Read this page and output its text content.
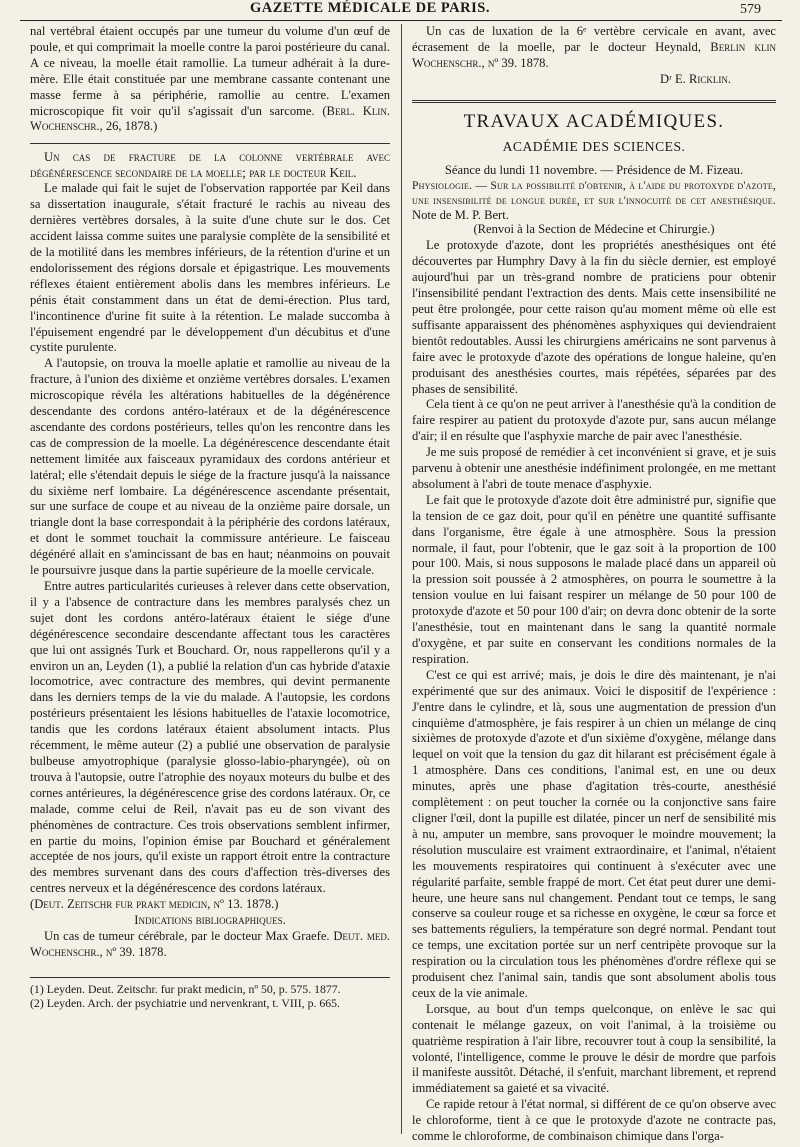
GAZETTE MÉDICALE DE PARIS.	579

nal vertébral étaient occupés par une tumeur du volume d'un œuf de poule, et qui comprimait la moelle contre la paroi postérieure du canal. A ce niveau, la moelle était ramollie. La tumeur adhérait à la dure-mère. Elle était constituée par une membrane cassante contenant une masse ferme à sa périphérie, ramollie au centre. L'examen microscopique fit voir qu'il s'agissait d'un sarcome. (Berl. Klin. Wochenschr., 26, 1878.)

Un cas de fracture de la colonne vertébrale avec dégénérescence secondaire de la moelle; par le docteur Keil.

Le malade qui fait le sujet de l'observation rapportée par Keil dans sa dissertation inaugurale, s'était fracturé le rachis au niveau des dernières vertèbres dorsales, à la suite d'une chute sur le dos. Cet accident laissa comme suites une paralysie complète de la sensibilité et de la motilité dans les membres inférieurs, de la rétention d'urine et un endolorissement des régions dorsale et épigastrique. Les mouvements réflexes étaient entièrement abolis dans les membres inférieurs. Le pénis était constamment dans un état de demi-érection. Plus tard, l'incontinence d'urine fit suite à la rétention. Le malade succomba à l'épuisement engendré par le développement d'un décubitus et d'une cystite purulente.

A l'autopsie, on trouva la moelle aplatie et ramollie au niveau de la fracture, à l'union des dixième et onzième vertèbres dorsales. L'examen microscopique révéla les altérations habituelles de la dégénérence descendante des cordons antéro-latéraux et de la dégénérescence ascendante des cordons postérieurs, telles qu'on les rencontre dans les cas de compression de la moelle. La dégénérescence descendante était nettement limitée aux faisceaux pyramidaux des cordons antérieur et latéral; elle s'étendait depuis le siége de la fracture jusqu'à la naissance du sixième nerf lombaire. La dégénérescence ascendante présentait, sur une surface de coupe et au niveau de la onzième paire dorsale, un triangle dont la base correspondait à la périphérie des cordons latéraux, et dont le sommet touchait la commissure antérieure. Le faisceau dégénéré allait en s'amincissant de bas en haut; néanmoins on pouvait le poursuivre jusque dans la partie supérieure de la moelle cervicale.

Entre autres particularités curieuses à relever dans cette observation, il y a l'absence de contracture dans les membres paralysés chez un sujet dont les cordons antéro-latéraux étaient le siége d'une dégénérescence secondaire descendante affectant tous les caractères que lui ont assignés Turk et Bouchard. Or, nous rappellerons qu'il y a environ un an, Leyden (1), a publié la relation d'un cas hybride d'ataxie locomotrice, avec contracture des membres, qui devint permanente dans les derniers temps de la vie du malade. A l'autopsie, les cordons postérieurs présentaient les lésions habituelles de l'ataxie locomotrice, tandis que les cordons latéraux étaient absolument intacts. Plus récemment, le même auteur (2) a publié une observation de paralysie bulbeuse amyotrophique (paralysie glosso-labio-pharyngée), où on trouva à l'autopsie, outre l'atrophie des noyaux moteurs du bulbe et des cornes antérieures, la dégénérescence grise des cordons latéraux. Or, ce malade, comme celui de Reil, n'avait pas eu de son vivant des phénomènes de contracture. Ces trois observations semblent infirmer, en partie du moins, l'opinion émise par Bouchard et généralement acceptée de nos jours, qu'il existe un rapport étroit entre la contracture des membres survenant dans des cours d'affection très-diverses des centres nerveux et la dégénérescence des cordons latéraux.

(Deut. Zeitschr fur prakt medicin, nº 13. 1878.)

Indications bibliographiques.

Un cas de tumeur cérébrale, par le docteur Max Graefe. Deut. med. Wochenschr., nº 39. 1878.

(1) Leyden. Deut. Zeitschr. fur prakt medicin, nº 50, p. 575. 1877.

(2) Leyden. Arch. der psychiatrie und nervenkrant, t. VIII, p. 665.

Un cas de luxation de la 6ᵉ vertèbre cervicale en avant, avec écrasement de la moelle, par le docteur Heynald, Berlin klin Wochenschr., nº 39. 1878.

Dʳ E. Ricklin.

TRAVAUX ACADÉMIQUES.
ACADÉMIE DES SCIENCES.

Séance du lundi 11 novembre. — Présidence de M. Fizeau.

Physiologie. — Sur la possibilité d'obtenir, à l'aide du protoxyde d'azote, une insensibilité de longue durée, et sur l'innocuité de cet anesthésique. Note de M. P. Bert.

(Renvoi à la Section de Médecine et Chirurgie.)

Le protoxyde d'azote, dont les propriétés anesthésiques ont été découvertes par Humphry Davy à la fin du siècle dernier, est employé aujourd'hui par un très-grand nombre de praticiens pour obtenir l'insensibilité pendant l'extraction des dents. Mais cette insensibilité ne peut être prolongée, pour cette raison qu'au moment même où elle est suffisante apparaissent des phénomènes asphyxiques qui deviendraient bientôt redoutables. Aussi les chirurgiens américains ne sont parvenus à faire avec le protoxyde d'azote des opérations de longue haleine, qu'en produisant des anesthésies courtes, mais répétées, séparées par des phases de sensibilité.

Cela tient à ce qu'on ne peut arriver à l'anesthésie qu'à la condition de faire respirer au patient du protoxyde d'azote pur, sans aucun mélange d'air; il en résulte que l'asphyxie marche de pair avec l'anesthésie.

Je me suis proposé de remédier à cet inconvénient si grave, et je suis parvenu à obtenir une anesthésie indéfiniment prolongée, en me mettant absolument à l'abri de toute menace d'asphyxie.

Le fait que le protoxyde d'azote doit être administré pur, signifie que la tension de ce gaz doit, pour qu'il en pénètre une quantité suffisante dans l'organisme, être égale à une atmosphère. Sous la pression normale, il faut, pour l'obtenir, que le gaz soit à la proportion de 100 pour 100. Mais, si nous supposons le malade placé dans un appareil où la pression soit poussée à 2 atmosphères, on pourra le soumettre à la tension voulue en lui faisant respirer un mélange de 50 pour 100 de protoxyde d'azote et 50 pour 100 d'air; on devra donc obtenir de la sorte l'anesthésie, tout en maintenant dans le sang la quantité normale d'oxygène, et par suite en conservant les conditions normales de la respiration.

C'est ce qui est arrivé; mais, je dois le dire dès maintenant, je n'ai expérimenté que sur des animaux. Voici le dispositif de l'expérience : J'entre dans le cylindre, et là, sous une augmentation de pression d'un cinquième d'atmosphère, je fais respirer à un chien un mélange de cinq sixièmes de protoxyde d'azote et d'un sixième d'oxygène, mélange dans lequel on voit que la tension du gaz dit hilarant est précisément égale à 1 atmosphère. Dans ces conditions, l'animal est, en une ou deux minutes, après une phase d'agitation très-courte, anesthésié complètement : on peut toucher la cornée ou la conjonctive sans faire cligner l'œil, dont la pupille est dilatée, pincer un nerf de sensibilité mis à nu, amputer un membre, sans provoquer le moindre mouvement; la résolution musculaire est vraiment extraordinaire, et l'animal, n'étaient les mouvements respiratoires qui continuent à s'exécuter avec une régularité parfaite, semble frappé de mort. Cet état peut durer une demi-heure, une heure sans nul changement. Pendant tout ce temps, le sang conserve sa couleur rouge et sa richesse en oxygène, le cœur sa force et ses battements réguliers, la température son degré normal. Pendant tout ce temps, une excitation portée sur un nerf centripète provoque sur la respiration ou la circulation tous les phénomènes d'ordre réflexe qui se produisent chez l'animal sain, tandis que sont absolument abolis tous ceux de la vie animale.

Lorsque, au bout d'un temps quelconque, on enlève le sac qui contenait le mélange gazeux, on voit l'animal, à la troisième ou quatrième respiration à l'air libre, recouvrer tout à coup la sensibilité, la volonté, l'intelligence, comme le prouve le désir de mordre que parfois il manifeste aussitôt. Détaché, il s'enfuit, marchant librement, et reprend immédiatement sa gaieté et sa vivacité.

Ce rapide retour à l'état normal, si différent de ce qu'on observe avec le chloroforme, tient à ce que le protoxyde d'azote ne contracte pas, comme le chloroforme, de combinaison chimique dans l'orga-
